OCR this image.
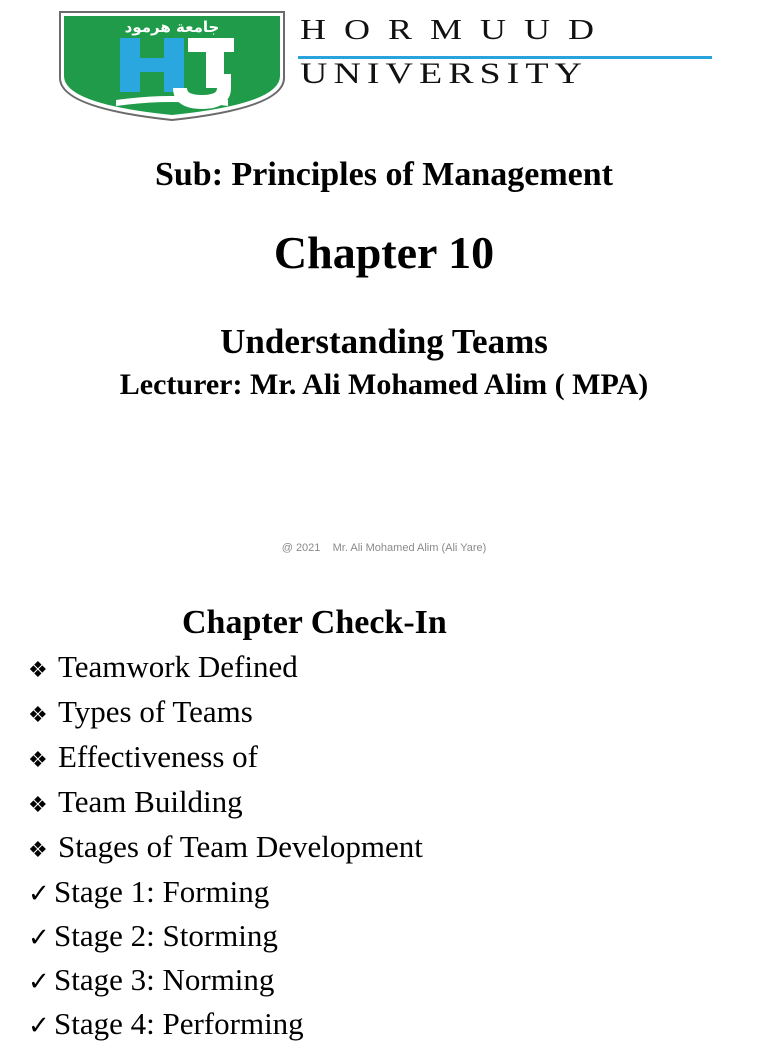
جامعة هرمود HORMUUD
UNIVERSITY
Sub: Principles of Management
Chapter 10
Understanding Teams
Lecturer: Mr. Ali Mohamed Alim ( MPA)
@ 2021    Mr. Ali Mohamed Alim (Ali Yare)
Chapter Check-In
❖ Teamwork Defined
❖ Types of Teams
❖ Effectiveness of
❖ Team Building
❖ Stages of Team Development
✓ Stage 1: Forming
✓ Stage 2: Storming
✓ Stage 3: Norming
✓ Stage 4: Performing
